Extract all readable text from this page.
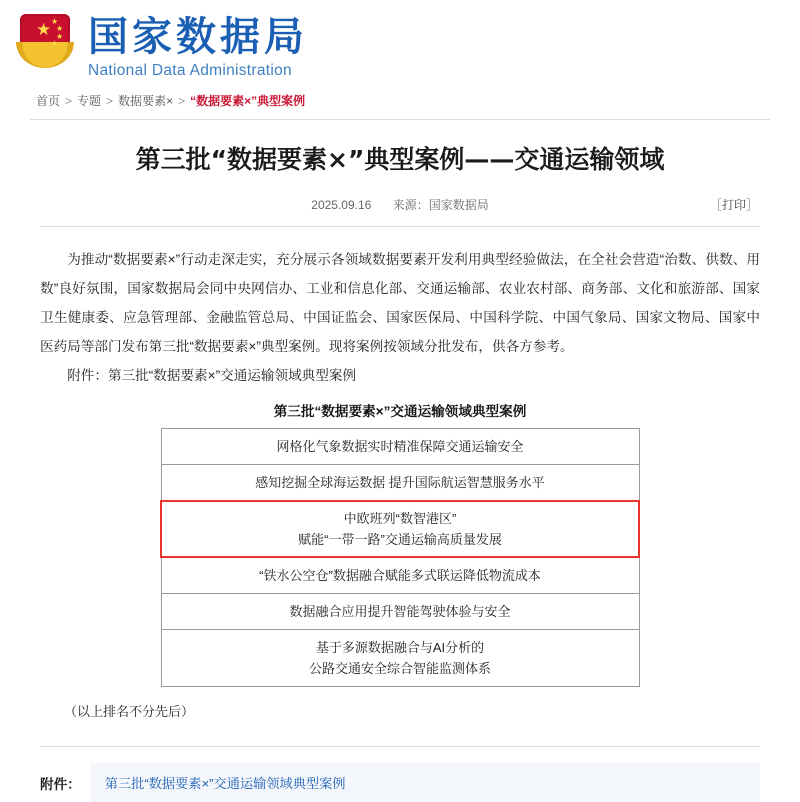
★ ★
★
★
★ 国家数据局
National Data Administration
首页 > 专题 > 数据要素× > “数据要素×”典型案例
第三批“数据要素×”典型案例——交通运输领域
2025.09.16 来源：国家数据局	［打印］

为推动“数据要素×”行动走深走实，充分展示各领域数据要素开发利用典型经验做法，在全社会营造“治数、供数、用数”良好氛围，国家数据局会同中央网信办、工业和信息化部、交通运输部、农业农村部、商务部、文化和旅游部、国家卫生健康委、应急管理部、金融监管总局、中国证监会、国家医保局、中国科学院、中国气象局、国家文物局、国家中医药局等部门发布第三批“数据要素×”典型案例。现将案例按领域分批发布，供各方参考。

附件：第三批“数据要素×”交通运输领域典型案例

第三批“数据要素×”交通运输领域典型案例
网格化气象数据实时精准保障交通运输安全
感知挖掘全球海运数据 提升国际航运智慧服务水平

中欧班列“数智港区”
赋能“一带一路”交通运输高质量发展

“铁水公空仓”数据融合赋能多式联运降低物流成本
数据融合应用提升智能驾驶体验与安全

基于多源数据融合与AI分析的
公路交通安全综合智能监测体系
（以上排名不分先后）
附件：	第三批“数据要素×”交通运输领域典型案例
